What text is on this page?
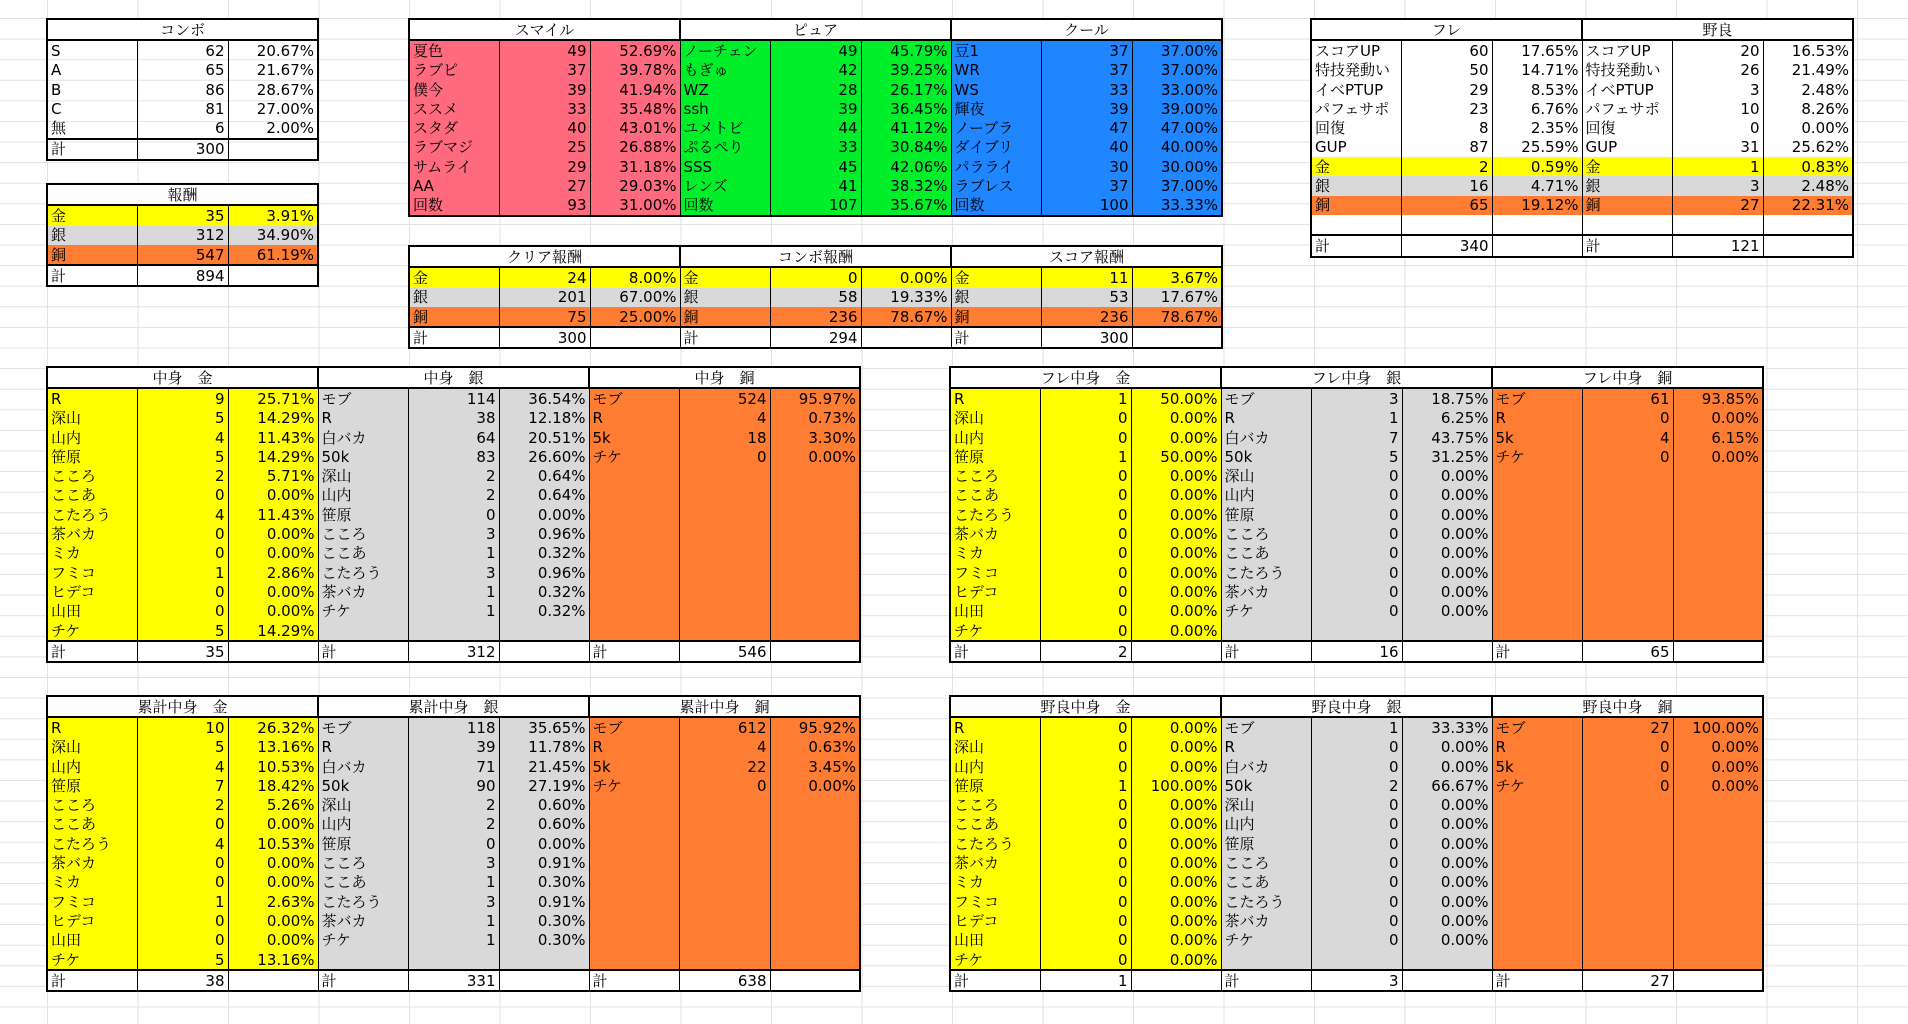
コンボ		
S	62	20.67%
A	65	21.67%
B	86	28.67%
C	81	27.00%
無	6	2.00%
計	300	
報酬		
金	35	3.91%
銀	312	34.90%
銅	547	61.19%
計	894	
スマイル			ピュア			クール		
夏色	49	52.69%	ノーチェン	49	45.79%	豆1	37	37.00%
ラブピ	37	39.78%	もぎゅ	42	39.25%	WR	37	37.00%
僕今	39	41.94%	WZ	28	26.17%	WS	33	33.00%
ススメ	33	35.48%	ssh	39	36.45%	輝夜	39	39.00%
スタダ	40	43.01%	ユメトビ	44	41.12%	ノーブラ	47	47.00%
ラブマジ	25	26.88%	ぷるぺり	33	30.84%	ダイブリ	40	40.00%
サムライ	29	31.18%	SSS	45	42.06%	パラライ	30	30.00%
AA	27	29.03%	レンズ	41	38.32%	ラブレス	37	37.00%
回数	93	31.00%	回数	107	35.67%	回数	100	33.33%
クリア報酬			コンボ報酬			スコア報酬		
金	24	8.00%	金	0	0.00%	金	11	3.67%
銀	201	67.00%	銀	58	19.33%	銀	53	17.67%
銅	75	25.00%	銅	236	78.67%	銅	236	78.67%
計	300		計	294		計	300	
フレ			野良		
スコアUP	60	17.65%	スコアUP	20	16.53%
特技発動い	50	14.71%	特技発動い	26	21.49%
イベPTUP	29	8.53%	イベPTUP	3	2.48%
パフェサポ	23	6.76%	パフェサポ	10	8.26%
回復	8	2.35%	回復	0	0.00%
GUP	87	25.59%	GUP	31	25.62%
金	2	0.59%	金	1	0.83%
銀	16	4.71%	銀	3	2.48%
銅	65	19.12%	銅	27	22.31%

計	340		計	121	
中身　金			中身　銀			中身　銅		
R	9	25.71%	モブ	114	36.54%	モブ	524	95.97%
深山	5	14.29%	R	38	12.18%	R	4	0.73%
山内	4	11.43%	白バカ	64	20.51%	5k	18	3.30%
笹原	5	14.29%	50k	83	26.60%	チケ	0	0.00%
こころ	2	5.71%	深山	2	0.64%			
ここあ	0	0.00%	山内	2	0.64%			
こたろう	4	11.43%	笹原	0	0.00%			
茶バカ	0	0.00%	こころ	3	0.96%			
ミカ	0	0.00%	ここあ	1	0.32%			
フミコ	1	2.86%	こたろう	3	0.96%			
ヒデコ	0	0.00%	茶バカ	1	0.32%			
山田	0	0.00%	チケ	1	0.32%			
チケ	5	14.29%						
計	35		計	312		計	546	
フレ中身　金			フレ中身　銀			フレ中身　銅		
R	1	50.00%	モブ	3	18.75%	モブ	61	93.85%
深山	0	0.00%	R	1	6.25%	R	0	0.00%
山内	0	0.00%	白バカ	7	43.75%	5k	4	6.15%
笹原	1	50.00%	50k	5	31.25%	チケ	0	0.00%
こころ	0	0.00%	深山	0	0.00%			
ここあ	0	0.00%	山内	0	0.00%			
こたろう	0	0.00%	笹原	0	0.00%			
茶バカ	0	0.00%	こころ	0	0.00%			
ミカ	0	0.00%	ここあ	0	0.00%			
フミコ	0	0.00%	こたろう	0	0.00%			
ヒデコ	0	0.00%	茶バカ	0	0.00%			
山田	0	0.00%	チケ	0	0.00%			
チケ	0	0.00%						
計	2		計	16		計	65	
累計中身　金			累計中身　銀			累計中身　銅		
R	10	26.32%	モブ	118	35.65%	モブ	612	95.92%
深山	5	13.16%	R	39	11.78%	R	4	0.63%
山内	4	10.53%	白バカ	71	21.45%	5k	22	3.45%
笹原	7	18.42%	50k	90	27.19%	チケ	0	0.00%
こころ	2	5.26%	深山	2	0.60%			
ここあ	0	0.00%	山内	2	0.60%			
こたろう	4	10.53%	笹原	0	0.00%			
茶バカ	0	0.00%	こころ	3	0.91%			
ミカ	0	0.00%	ここあ	1	0.30%			
フミコ	1	2.63%	こたろう	3	0.91%			
ヒデコ	0	0.00%	茶バカ	1	0.30%			
山田	0	0.00%	チケ	1	0.30%			
チケ	5	13.16%						
計	38		計	331		計	638	
野良中身　金			野良中身　銀			野良中身　銅		
R	0	0.00%	モブ	1	33.33%	モブ	27	100.00%
深山	0	0.00%	R	0	0.00%	R	0	0.00%
山内	0	0.00%	白バカ	0	0.00%	5k	0	0.00%
笹原	1	100.00%	50k	2	66.67%	チケ	0	0.00%
こころ	0	0.00%	深山	0	0.00%			
ここあ	0	0.00%	山内	0	0.00%			
こたろう	0	0.00%	笹原	0	0.00%			
茶バカ	0	0.00%	こころ	0	0.00%			
ミカ	0	0.00%	ここあ	0	0.00%			
フミコ	0	0.00%	こたろう	0	0.00%			
ヒデコ	0	0.00%	茶バカ	0	0.00%			
山田	0	0.00%	チケ	0	0.00%			
チケ	0	0.00%						
計	1		計	3		計	27	
